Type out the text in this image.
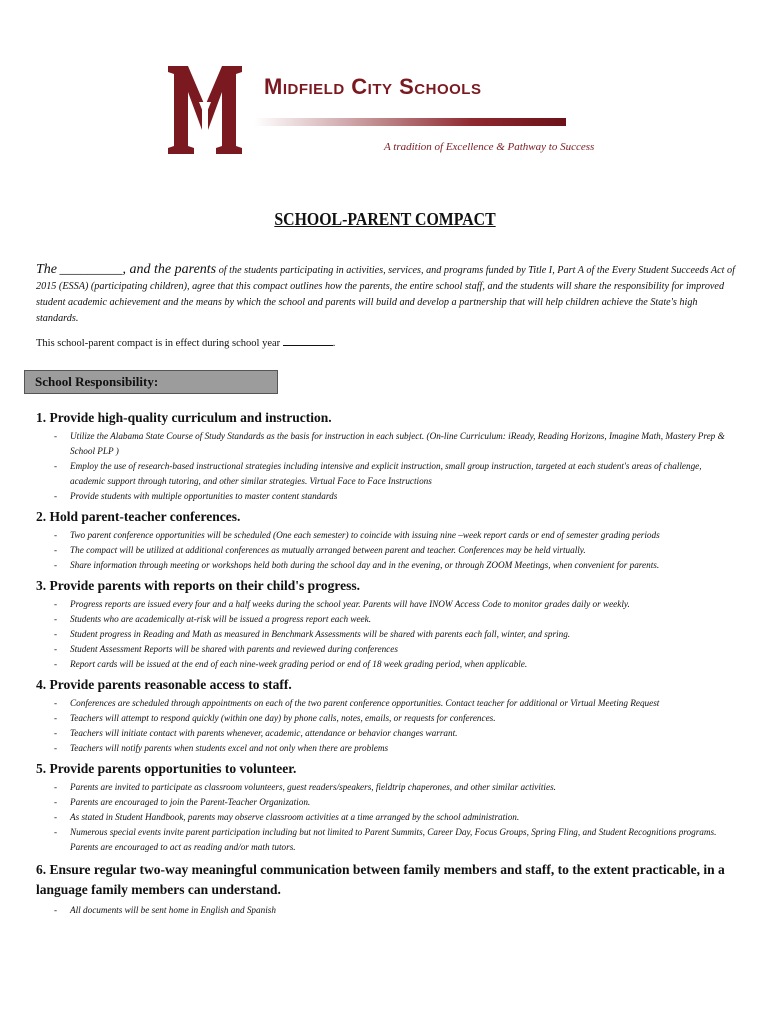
Midfield City Schools
A tradition of Excellence & Pathway to Success
SCHOOL-PARENT COMPACT
The _________, and the parents of the students participating in activities, services, and programs funded by Title I, Part A of the Every Student Succeeds Act of 2015 (ESSA) (participating children), agree that this compact outlines how the parents, the entire school staff, and the students will share the responsibility for improved student academic achievement and the means by which the school and parents will build and develop a partnership that will help children achieve the State's high standards.
This school-parent compact is in effect during school year	.
School Responsibility:
1. Provide high-quality curriculum and instruction.
- Utilize the Alabama State Course of Study Standards as the basis for instruction in each subject. (On-line Curriculum: iReady, Reading Horizons, Imagine Math, Mastery Prep & School PLP )
- Employ the use of research-based instructional strategies including intensive and explicit instruction, small group instruction, targeted at each student's areas of challenge, academic support through tutoring, and other similar strategies. Virtual Face to Face Instructions
- Provide students with multiple opportunities to master content standards
2. Hold parent-teacher conferences.
- Two parent conference opportunities will be scheduled (One each semester) to coincide with issuing nine –week report cards or end of semester grading periods
- The compact will be utilized at additional conferences as mutually arranged between parent and teacher. Conferences may be held virtually.
- Share information through meeting or workshops held both during the school day and in the evening, or through ZOOM Meetings, when convenient for parents.
3. Provide parents with reports on their child's progress.
- Progress reports are issued every four and a half weeks during the school year. Parents will have INOW Access Code to monitor grades daily or weekly.
- Students who are academically at-risk will be issued a progress report each week.
- Student progress in Reading and Math as measured in Benchmark Assessments will be shared with parents each fall, winter, and spring.
- Student Assessment Reports will be shared with parents and reviewed during conferences
- Report cards will be issued at the end of each nine-week grading period or end of 18 week grading period, when applicable.
4. Provide parents reasonable access to staff.
- Conferences are scheduled through appointments on each of the two parent conference opportunities. Contact teacher for additional or Virtual Meeting Request
- Teachers will attempt to respond quickly (within one day) by phone calls, notes, emails, or requests for conferences.
- Teachers will initiate contact with parents whenever, academic, attendance or behavior changes warrant.
- Teachers will notify parents when students excel and not only when there are problems
5. Provide parents opportunities to volunteer.
- Parents are invited to participate as classroom volunteers, guest readers/speakers, fieldtrip chaperones, and other similar activities.
- Parents are encouraged to join the Parent-Teacher Organization.
- As stated in Student Handbook, parents may observe classroom activities at a time arranged by the school administration.
- Numerous special events invite parent participation including but not limited to Parent Summits, Career Day, Focus Groups, Spring Fling, and Student Recognitions programs. Parents are encouraged to act as reading and/or math tutors.
6. Ensure regular two-way meaningful communication between family members and staff, to the extent practicable, in a language family members can understand.
- All documents will be sent home in English and Spanish
